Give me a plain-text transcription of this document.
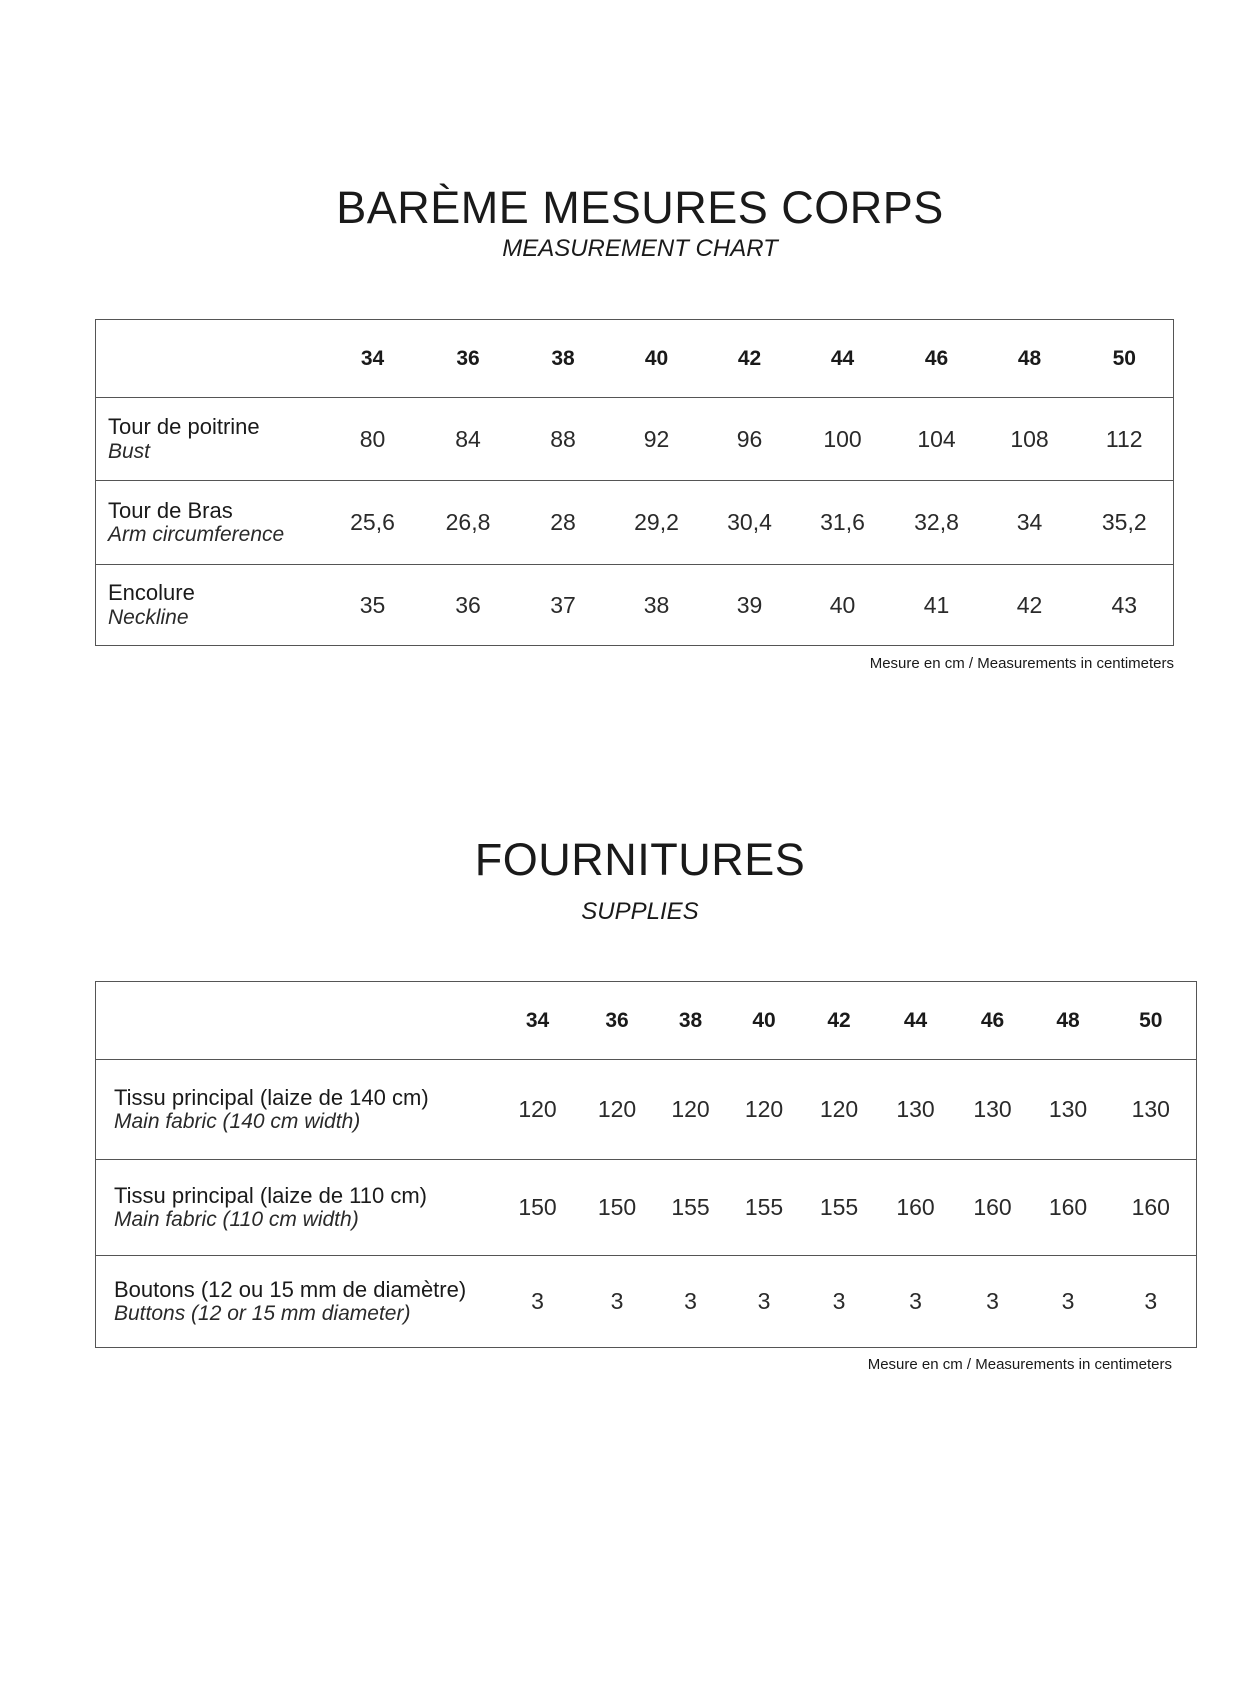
BARÈME MESURES CORPS
MEASUREMENT CHART
	34	36	38	40	42	44	46	48	50

Tour de poitrine
Bust	80	84	88	92	96	100	104	108	112

Tour de Bras
Arm circumference	25,6	26,8	28	29,2	30,4	31,6	32,8	34	35,2

Encolure
Neckline	35	36	37	38	39	40	41	42	43
Mesure en cm / Measurements in centimeters
FOURNITURES
SUPPLIES
	34	36	38	40	42	44	46	48	50

Tissu principal (laize de 140 cm)
Main fabric (140 cm width)	120	120	120	120	120	130	130	130	130

Tissu principal (laize de 110 cm)
Main fabric (110 cm width)	150	150	155	155	155	160	160	160	160

Boutons (12 ou 15 mm de diamètre)
Buttons (12 or 15 mm diameter)	3	3	3	3	3	3	3	3	3
Mesure en cm / Measurements in centimeters
